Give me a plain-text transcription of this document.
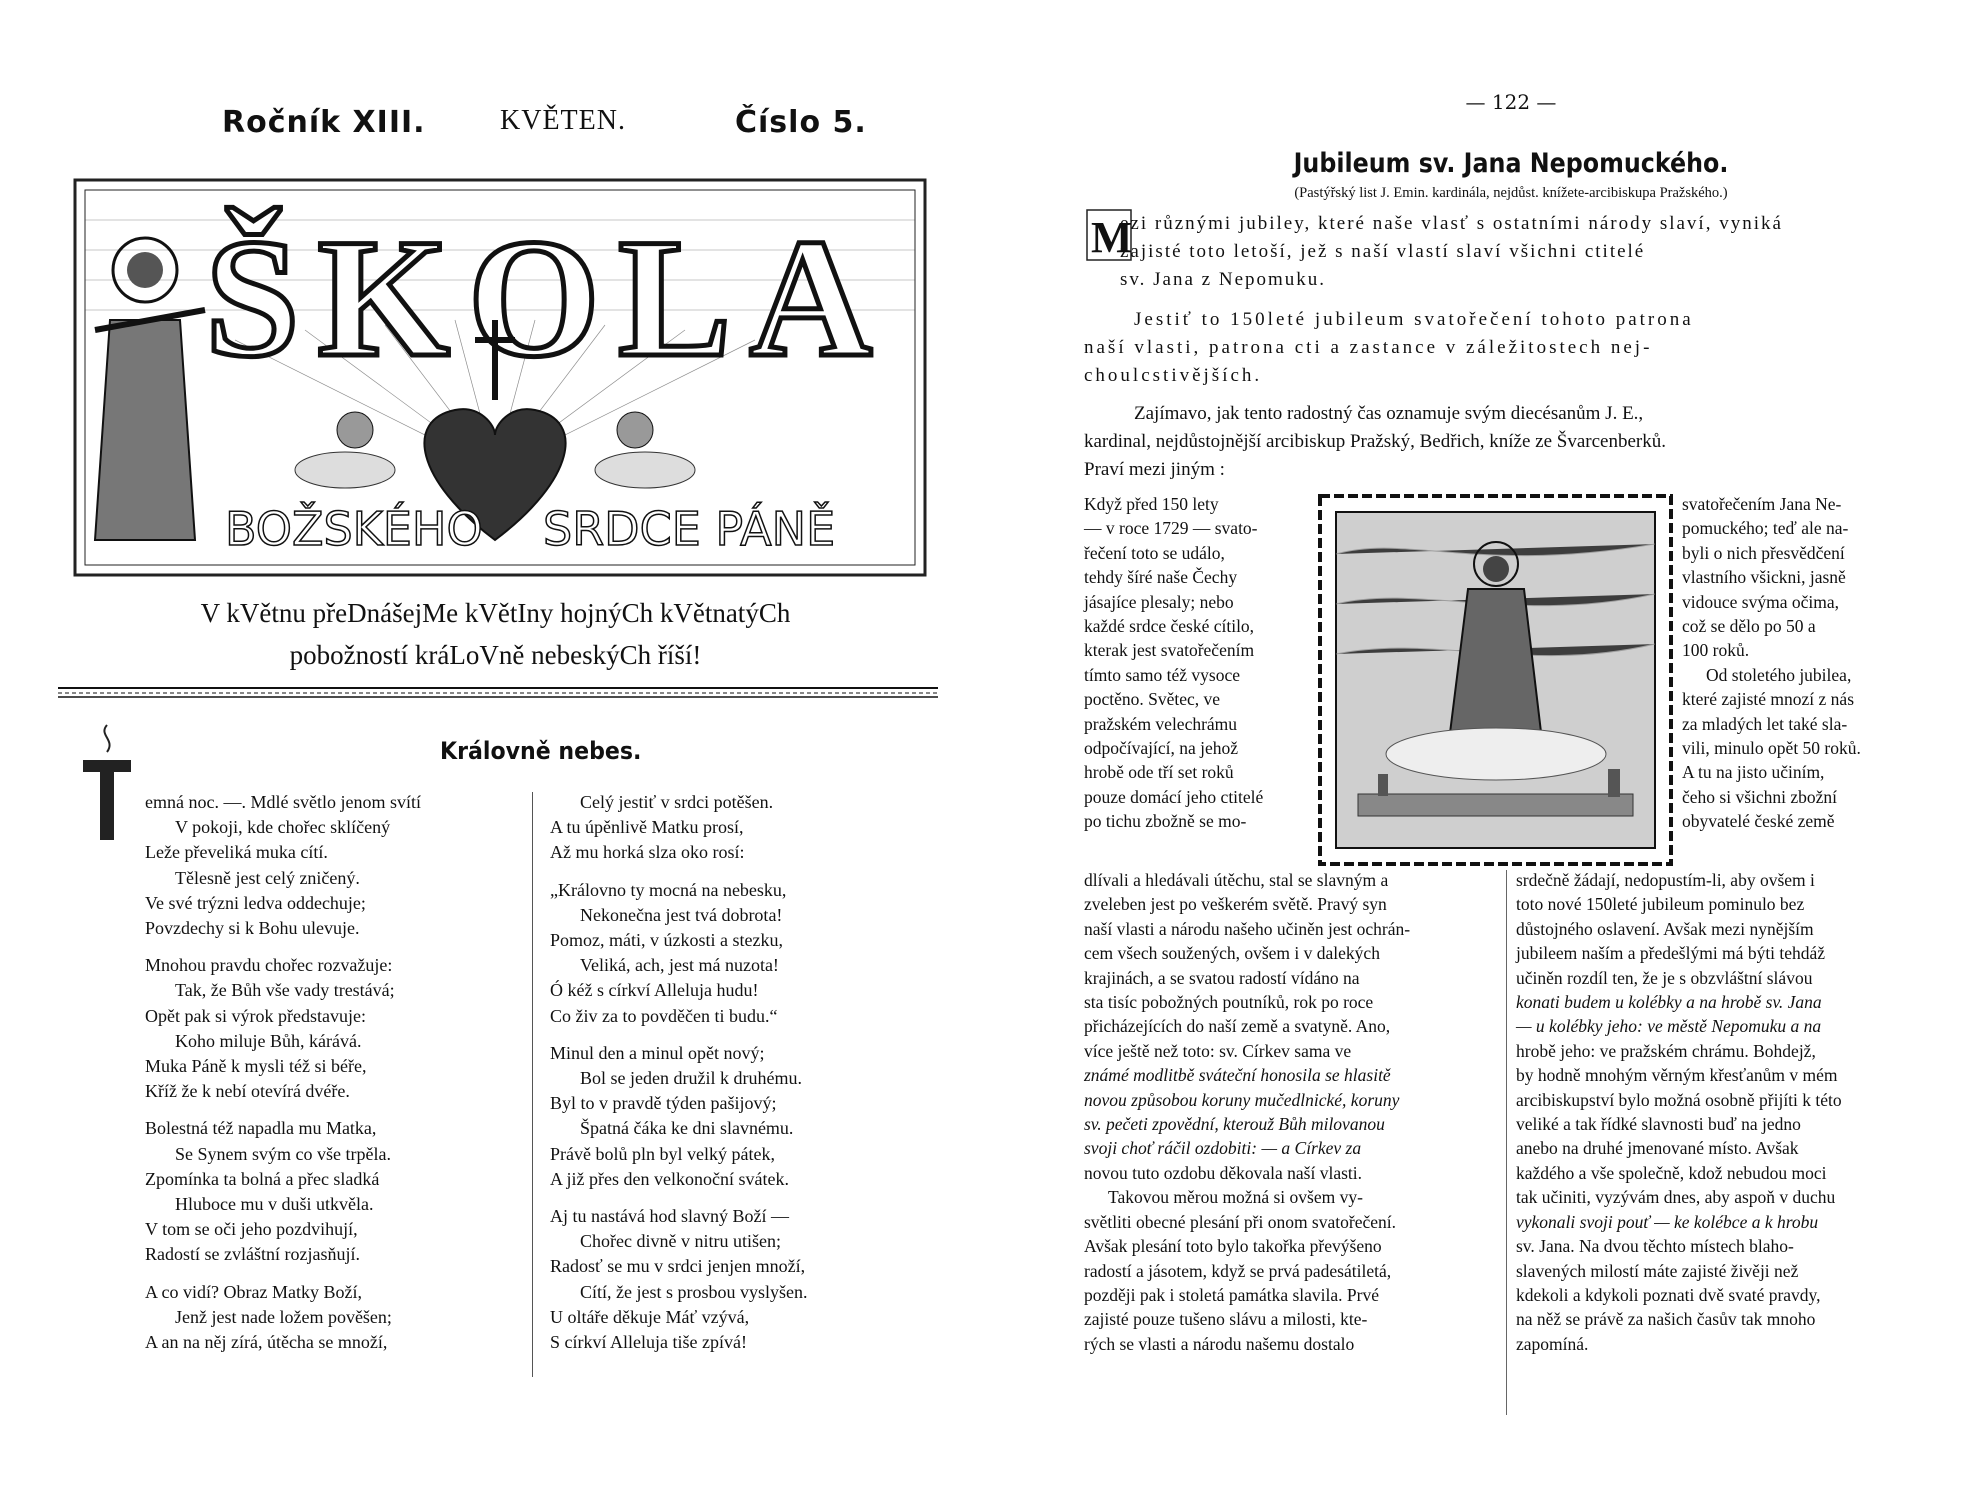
Ročník XIII.	KVĚTEN.	Číslo 5.
ŠKOLA
BOŽSKÉHO SRDCE PÁNĚ
V kVětnu přeDnášejMe kVětIny hojnýCh kVětnatýCh
pobožností kráLoVně nebeskýCh říší!
Královně nebes.
emná noc. —. Mdlé světlo jenom svítí
V pokoji, kde chořec sklíčený
Leže převeliká muka cítí.
Tělesně jest celý zničený.
Ve své trýzni ledva oddechuje;
Povzdechy si k Bohu ulevuje.
Mnohou pravdu chořec rozvažuje:
Tak, že Bůh vše vady trestává;
Opět pak si výrok představuje:
Koho miluje Bůh, kárává.
Muka Páně k mysli též si béře,
Kříž že k nebí otevírá dvéře.
Bolestná též napadla mu Matka,
Se Synem svým co vše trpěla.
Zpomínka ta bolná a přec sladká
Hluboce mu v duši utkvěla.
V tom se oči jeho pozdvihují,
Radostí se zvláštní rozjasňují.
A co vidí? Obraz Matky Boží,
Jenž jest nade ložem pověšen;
A an na něj zírá, útěcha se množí,
Celý jestiť v srdci potěšen.
A tu úpěnlivě Matku prosí,
Až mu horká slza oko rosí:
„Královno ty mocná na nebesku,
Nekonečna jest tvá dobrota!
Pomoz, máti, v úzkosti a stezku,
Veliká, ach, jest má nuzota!
Ó kéž s církví Alleluja hudu!
Co živ za to povděčen ti budu.“
Minul den a minul opět nový;
Bol se jeden družil k druhému.
Byl to v pravdě týden pašijový;
Špatná čáka ke dni slavnému.
Právě bolů pln byl velký pátek,
A již přes den velkonoční svátek.
Aj tu nastává hod slavný Boží —
Chořec divně v nitru utišen;
Radosť se mu v srdci jenjen množí,
Cítí, že jest s prosbou vyslyšen.
U oltáře děkuje Máť vzývá,
S církví Alleluja tiše zpívá!
— 122 —
Jubileum sv. Jana Nepomuckého.
(Pastýřský list J. Emin. kardinála, nejdůst. knížete-arcibiskupa Pražského.)
M
ezi různými jubiley, které naše vlasť s ostatními národy slaví, vyniká
zajisté toto letoší, jež s naší vlastí slaví všichni ctitelé
sv. Jana z Nepomuku.
Jestiť to 150leté jubileum svatořečení tohoto patrona
naší vlasti, patrona cti a zastance v záležitostech nej-
choulcstivějších.
Zajímavo, jak tento radostný čas oznamuje svým diecésanům J. E.,
kardinal, nejdůstojnější arcibiskup Pražský, Bedřich, kníže ze Švarcenberků.
Praví mezi jiným :
Když před 150 lety
— v roce 1729 — svato-
řečení toto se událo,
tehdy šíré naše Čechy
jásajíce plesaly; nebo
každé srdce české cítilo,
kterak jest svatořečením
tímto samo též vysoce
poctěno. Světec, ve
pražském velechrámu
odpočívající, na jehož
hrobě ode tří set roků
pouze domácí jeho ctitelé
po tichu zbožně se mo-
svatořečením Jana Ne-
pomuckého; teď ale na-
byli o nich přesvědčení
vlastního všickni, jasně
vidouce svýma očima,
což se dělo po 50 a
100 roků.
Od stoletého jubilea,
které zajisté mnozí z nás
za mladých let také sla-
vili, minulo opět 50 roků.
A tu na jisto učiním,
čeho si všichni zbožní
obyvatelé české země
dlívali a hledávali útěchu, stal se slavným a
zveleben jest po veškerém světě. Pravý syn
naší vlasti a národu našeho učiněn jest ochrán-
cem všech soužených, ovšem i v dalekých
krajinách, a se svatou radostí vídáno na
sta tisíc pobožných poutníků, rok po roce
přicházejících do naší země a svatyně. Ano,
více ještě než toto: sv. Církev sama ve
známé modlitbě sváteční honosila se hlasitě
novou způsobou koruny mučedlnické, koruny
sv. pečeti zpovědní, kterouž Bůh milovanou
svoji choť ráčil ozdobiti: — a Církev za
novou tuto ozdobu děkovala naší vlasti.
Takovou měrou možná si ovšem vy-
světliti obecné plesání při onom svatořečení.
Avšak plesání toto bylo takořka převýšeno
radostí a jásotem, když se prvá padesátiletá,
později pak i stoletá památka slavila. Prvé
zajisté pouze tušeno slávu a milosti, kte-
rých se vlasti a národu našemu dostalo
srdečně žádají, nedopustím-li, aby ovšem i
toto nové 150leté jubileum pominulo bez
důstojného oslavení. Avšak mezi nynějším
jubileem naším a předešlými má býti tehdáž
učiněn rozdíl ten, že je s obzvláštní slávou
konati budem u kolébky a na hrobě sv. Jana
— u kolébky jeho: ve městě Nepomuku a na
hrobě jeho: ve pražském chrámu. Bohdejž,
by hodně mnohým věrným křesťanům v mém
arcibiskupství bylo možná osobně přijíti k této
veliké a tak řídké slavnosti buď na jedno
anebo na druhé jmenované místo. Avšak
každého a vše společně, kdož nebudou moci
tak učiniti, vyzývám dnes, aby aspoň v duchu
vykonali svoji pouť — ke kolébce a k hrobu
sv. Jana. Na dvou těchto místech blaho-
slavených milostí máte zajisté živěji než
kdekoli a kdykoli poznati dvě svaté pravdy,
na něž se právě za našich časův tak mnoho
zapomíná.
